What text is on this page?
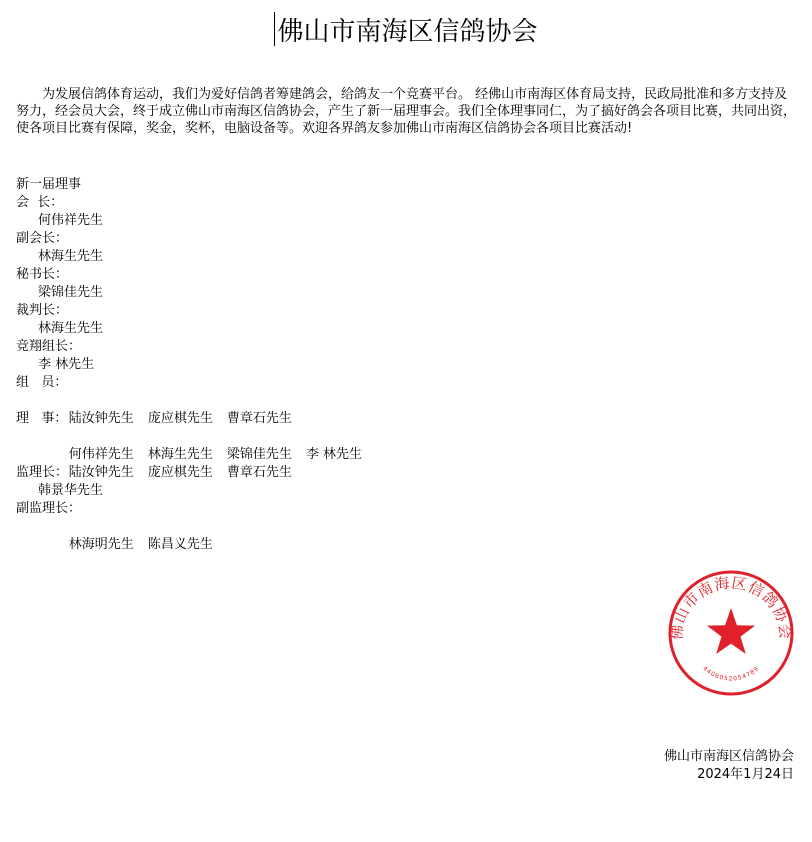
佛山市南海区信鸽协会

为发展信鸽体育运动，我们为爱好信鸽者筹建鸽会，给鸽友一个竞赛平台。 经佛山市南海区体育局支持，民政局批准和多方支持及努力，经会员大会，终于成立佛山市南海区信鸽协会，产生了新一届理事会。我们全体理事同仁，为了搞好鸽会各项目比赛，共同出资，使各项目比赛有保障，奖金，奖杯，电脑设备等。欢迎各界鸽友参加佛山市南海区信鸽协会各项目比赛活动!

新一届理事
会  长：
何伟祥先生
副会长：
林海生先生
秘书长：
梁锦佳先生
裁判长：
林海生先生
竞翔组长：
李 林先生
组   员：

陆汝钟先生 庞应棋先生 曹章石先生

理   事：

何伟祥先生 林海生先生 梁锦佳先生 李 林先生

陆汝钟先生 庞应棋先生 曹章石先生

监理长：
韩景华先生
副监理长：

林海明先生 陈昌义先生

佛山市南海区信鸽协会
4406052054789
佛山市南海区信鸽协会
2024年1月24日
